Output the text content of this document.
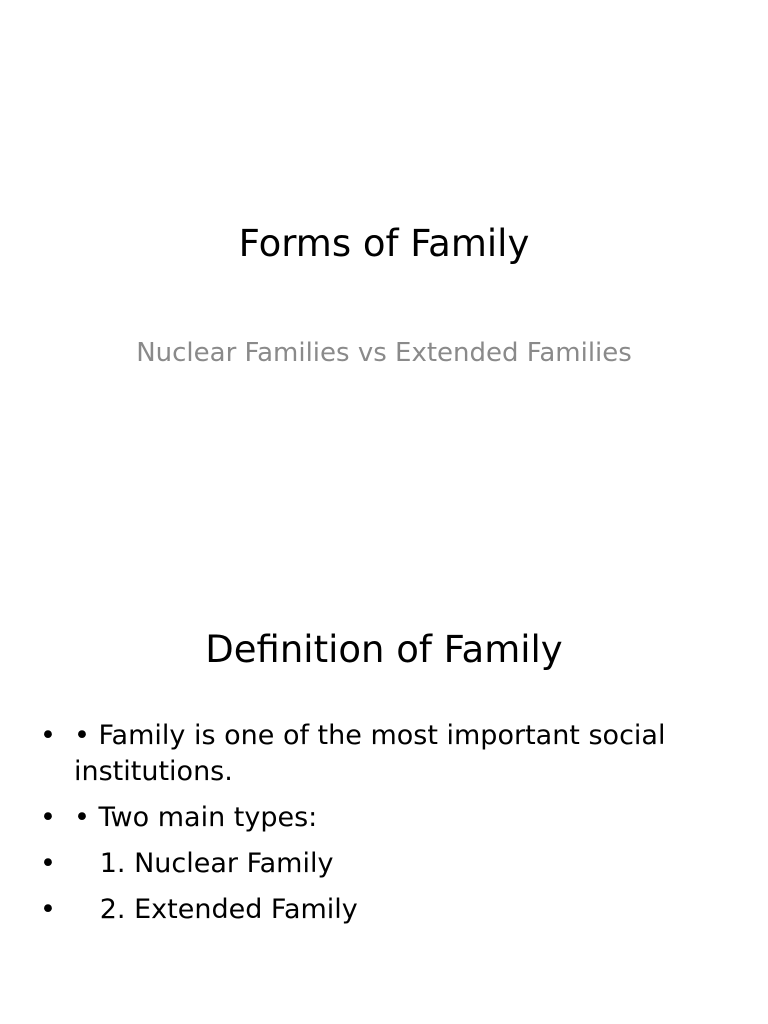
Forms of Family

Nuclear Families vs Extended Families

Definition of Family
• • Family is one of the most important social institutions.
• • Two main types:
• 1. Nuclear Family
• 2. Extended Family
